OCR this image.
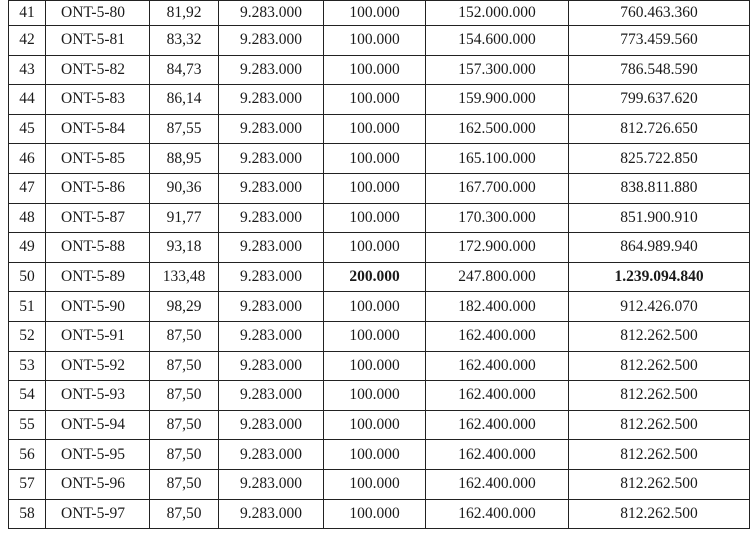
41	ONT-5-80	81,92	9.283.000	100.000	152.000.000	760.463.360
42	ONT-5-81	83,32	9.283.000	100.000	154.600.000	773.459.560
43	ONT-5-82	84,73	9.283.000	100.000	157.300.000	786.548.590
44	ONT-5-83	86,14	9.283.000	100.000	159.900.000	799.637.620
45	ONT-5-84	87,55	9.283.000	100.000	162.500.000	812.726.650
46	ONT-5-85	88,95	9.283.000	100.000	165.100.000	825.722.850
47	ONT-5-86	90,36	9.283.000	100.000	167.700.000	838.811.880
48	ONT-5-87	91,77	9.283.000	100.000	170.300.000	851.900.910
49	ONT-5-88	93,18	9.283.000	100.000	172.900.000	864.989.940
50	ONT-5-89	133,48	9.283.000	200.000	247.800.000	1.239.094.840
51	ONT-5-90	98,29	9.283.000	100.000	182.400.000	912.426.070
52	ONT-5-91	87,50	9.283.000	100.000	162.400.000	812.262.500
53	ONT-5-92	87,50	9.283.000	100.000	162.400.000	812.262.500
54	ONT-5-93	87,50	9.283.000	100.000	162.400.000	812.262.500
55	ONT-5-94	87,50	9.283.000	100.000	162.400.000	812.262.500
56	ONT-5-95	87,50	9.283.000	100.000	162.400.000	812.262.500
57	ONT-5-96	87,50	9.283.000	100.000	162.400.000	812.262.500
58	ONT-5-97	87,50	9.283.000	100.000	162.400.000	812.262.500
